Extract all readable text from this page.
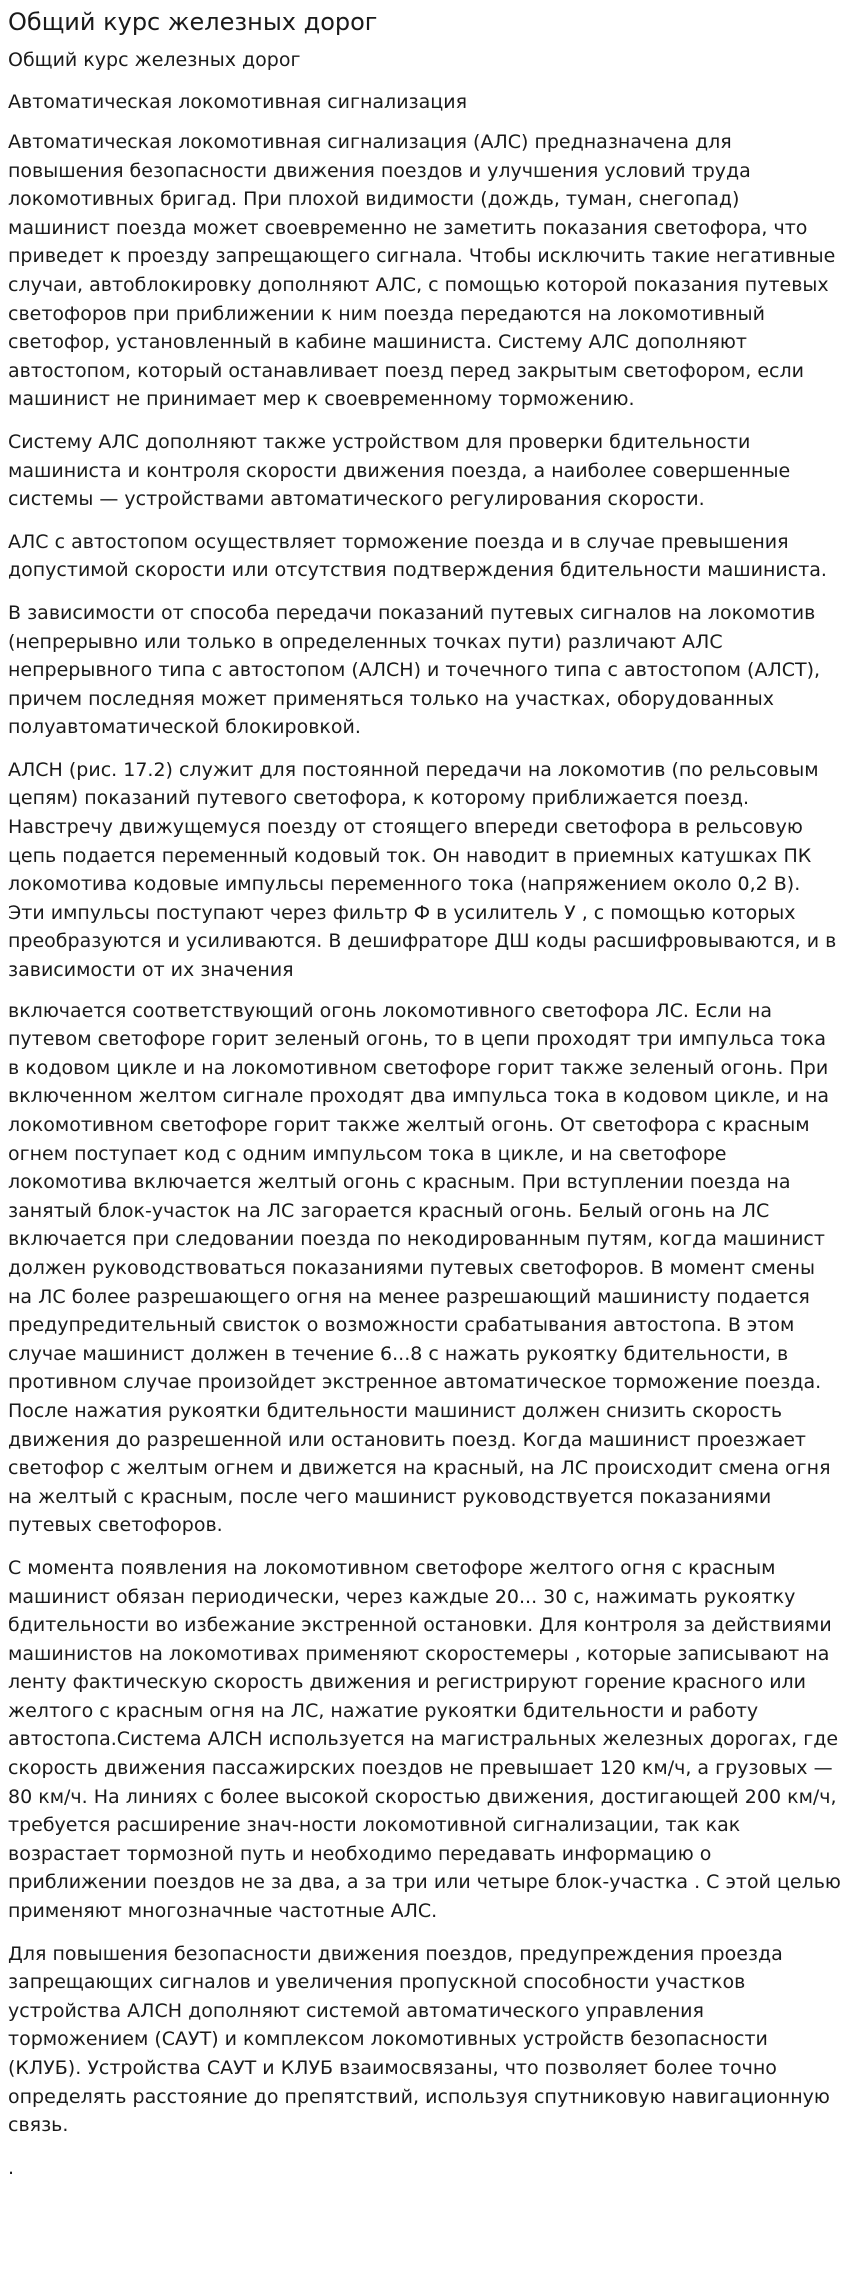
Общий курс железных дорог
Общий курс железных дорог
Автоматическая локомотивная сигнализация

Автоматическая локомотивная сигнализация (АЛС) предназначена для повышения безопасности движения поездов и улучшения условий труда локомотивных бригад. При плохой видимости (дождь, туман, снегопад) машинист поезда может своевременно не заметить показания светофора, что приведет к проезду запрещающего сигнала. Чтобы исключить такие негативные случаи, автоблокировку дополняют АЛС, с помощью которой показания путевых светофоров при приближении к ним поезда передаются на локомотивный светофор, установленный в кабине машиниста. Систему АЛС дополняют автостопом, который останавливает поезд перед закрытым светофором, если машинист не принимает мер к своевременному торможению.

Систему АЛС дополняют также устройством для проверки бдительности машиниста и контроля скорости движения поезда, а наиболее совершенные системы — устройствами автоматического регулирования скорости.

АЛС с автостопом осуществляет торможение поезда и в случае превышения допустимой скорости или отсутствия подтверждения бдительности машиниста.

В зависимости от способа передачи показаний путевых сигналов на локомотив (непрерывно или только в определенных точках пути) различают АЛС непрерывного типа с автостопом (АЛСН) и точечного типа с автостопом (АЛСТ), причем последняя может применяться только на участках, оборудованных полуавтоматической блокировкой.

АЛСН (рис. 17.2) служит для постоянной передачи на локомотив (по рельсовым цепям) показаний путевого светофора, к которому приближается поезд. Навстречу движущемуся поезду от стоящего впереди светофора в рельсовую цепь подается переменный кодовый ток. Он наводит в приемных катушках ПК локомотива кодовые импульсы переменного тока (напряжением около 0,2 В). Эти импульсы поступают через фильтр Ф в усилитель У , с помощью которых преобразуются и усиливаются. В дешифраторе ДШ коды расшифровываются, и в зависимости от их значения

включается соответствующий огонь локомотивного светофора ЛС. Если на путевом светофоре горит зеленый огонь, то в цепи проходят три импульса тока в кодовом цикле и на локомотивном светофоре горит также зеленый огонь. При включенном желтом сигнале проходят два импульса тока в кодовом цикле, и на локомотивном светофоре горит также желтый огонь. От светофора с красным огнем поступает код с одним импульсом тока в цикле, и на светофоре локомотива включается желтый огонь с красным. При вступлении поезда на занятый блок-участок на ЛС загорается красный огонь. Белый огонь на ЛС включается при следовании поезда по некодированным путям, когда машинист должен руководствоваться показаниями путевых светофоров. В момент смены на ЛС более разрешающего огня на менее разрешающий машинисту подается предупредительный свисток о возможности срабатывания автостопа. В этом случае машинист должен в течение 6...8 с нажать рукоятку бдительности, в противном случае произойдет экстренное автоматическое торможение поезда. После нажатия рукоятки бдительности машинист должен снизить скорость движения до разрешенной или остановить поезд. Когда машинист проезжает светофор с желтым огнем и движется на красный, на ЛС происходит смена огня на желтый с красным, после чего машинист руководствуется показаниями путевых светофоров.

С момента появления на локомотивном светофоре желтого огня с красным машинист обязан периодически, через каждые 20... 30 с, нажимать рукоятку бдительности во избежание экстренной остановки. Для контроля за действиями машинистов на локомотивах применяют скоростемеры , которые записывают на ленту фактическую скорость движения и регистрируют горение красного или желтого с красным огня на ЛС, нажатие рукоятки бдительности и работу автостопа.Система АЛСН используется на магистральных железных дорогах, где скорость движения пассажирских поездов не превышает 120 км/ч, а грузовых — 80 км/ч. На линиях с более высокой скоростью движения, достигающей 200 км/ч, требуется расширение знач-ности локомотивной сигнализации, так как возрастает тормозной путь и необходимо передавать информацию о приближении поездов не за два, а за три или четыре блок-участка . С этой целью применяют многозначные частотные АЛС.

Для повышения безопасности движения поездов, предупреждения проезда запрещающих сигналов и увеличения пропускной способности участков устройства АЛСН дополняют системой автоматического управления торможением (САУТ) и комплексом локомотивных устройств безопасности (КЛУБ). Устройства САУТ и КЛУБ взаимосвязаны, что позволяет более точно определять расстояние до препятствий, используя спутниковую навигационную связь.

.
